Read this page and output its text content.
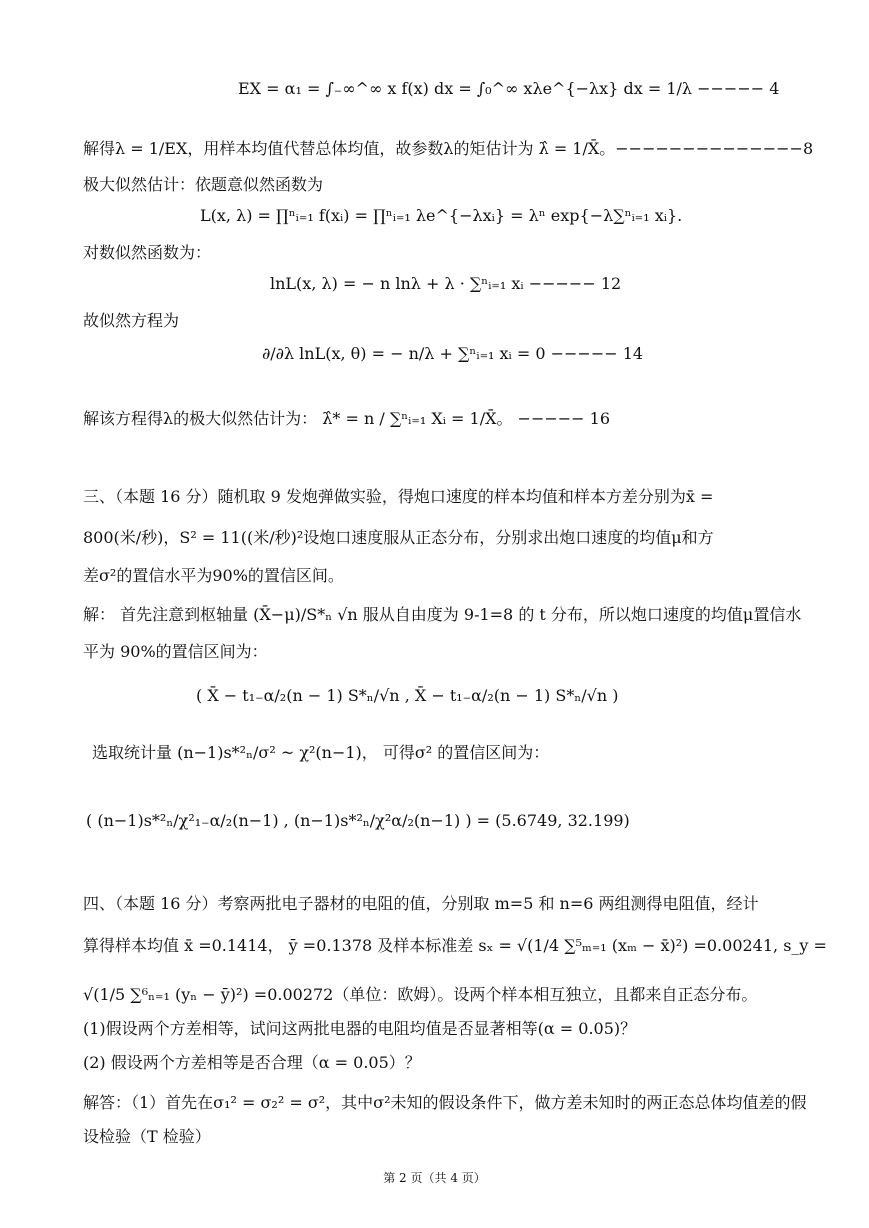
EX = α₁ = ∫₋∞^∞ x f(x) dx = ∫₀^∞ xλe^{−λx} dx = 1/λ −−−−− 4
解得λ = 1/EX，用样本均值代替总体均值，故参数λ的矩估计为 λ̂ = 1/X̄。−−−−−−−−−−−−−−8
极大似然估计：依题意似然函数为
L(x, λ) = ∏ⁿᵢ₌₁ f(xᵢ) = ∏ⁿᵢ₌₁ λe^{−λxᵢ} = λⁿ exp{−λ∑ⁿᵢ₌₁ xᵢ}.
对数似然函数为：
lnL(x, λ) = − n lnλ + λ · ∑ⁿᵢ₌₁ xᵢ −−−−− 12
故似然方程为
∂/∂λ lnL(x, θ) = − n/λ + ∑ⁿᵢ₌₁ xᵢ = 0 −−−−− 14
解该方程得λ的极大似然估计为： λ̂* = n / ∑ⁿᵢ₌₁ Xᵢ = 1/X̄。 −−−−− 16
三、（本题 16 分）随机取 9 发炮弹做实验，得炮口速度的样本均值和样本方差分别为x̄ =
800(米/秒)，S² = 11((米/秒)²设炮口速度服从正态分布，分别求出炮口速度的均值μ和方
差σ²的置信水平为90%的置信区间。
解： 首先注意到枢轴量 (X̄−μ)/S*ₙ √n 服从自由度为 9-1=8 的 t 分布，所以炮口速度的均值μ置信水
平为 90%的置信区间为：
( X̄ − t₁₋α/₂(n − 1) S*ₙ/√n , X̄ − t₁₋α/₂(n − 1) S*ₙ/√n )
选取统计量 (n−1)s*²ₙ/σ² ~ χ²(n−1)， 可得σ² 的置信区间为：
( (n−1)s*²ₙ/χ²₁₋α/₂(n−1) , (n−1)s*²ₙ/χ²α/₂(n−1) ) = (5.6749, 32.199)
四、（本题 16 分）考察两批电子器材的电阻的值，分别取 m=5 和 n=6 两组测得电阻值，经计
算得样本均值 x̄ =0.1414， ȳ =0.1378 及样本标准差 sₓ = √(1/4 ∑⁵ₘ₌₁ (xₘ − x̄)²) =0.00241, s_y =
√(1/5 ∑⁶ₙ₌₁ (yₙ − ȳ)²) =0.00272（单位：欧姆）。设两个样本相互独立，且都来自正态分布。
(1)假设两个方差相等，试问这两批电器的电阻均值是否显著相等(α = 0.05)？
(2) 假设两个方差相等是否合理（α = 0.05）？
解答：（1）首先在σ₁² = σ₂² = σ²，其中σ²未知的假设条件下，做方差未知时的两正态总体均值差的假
设检验（T 检验）
第 2 页（共 4 页）
